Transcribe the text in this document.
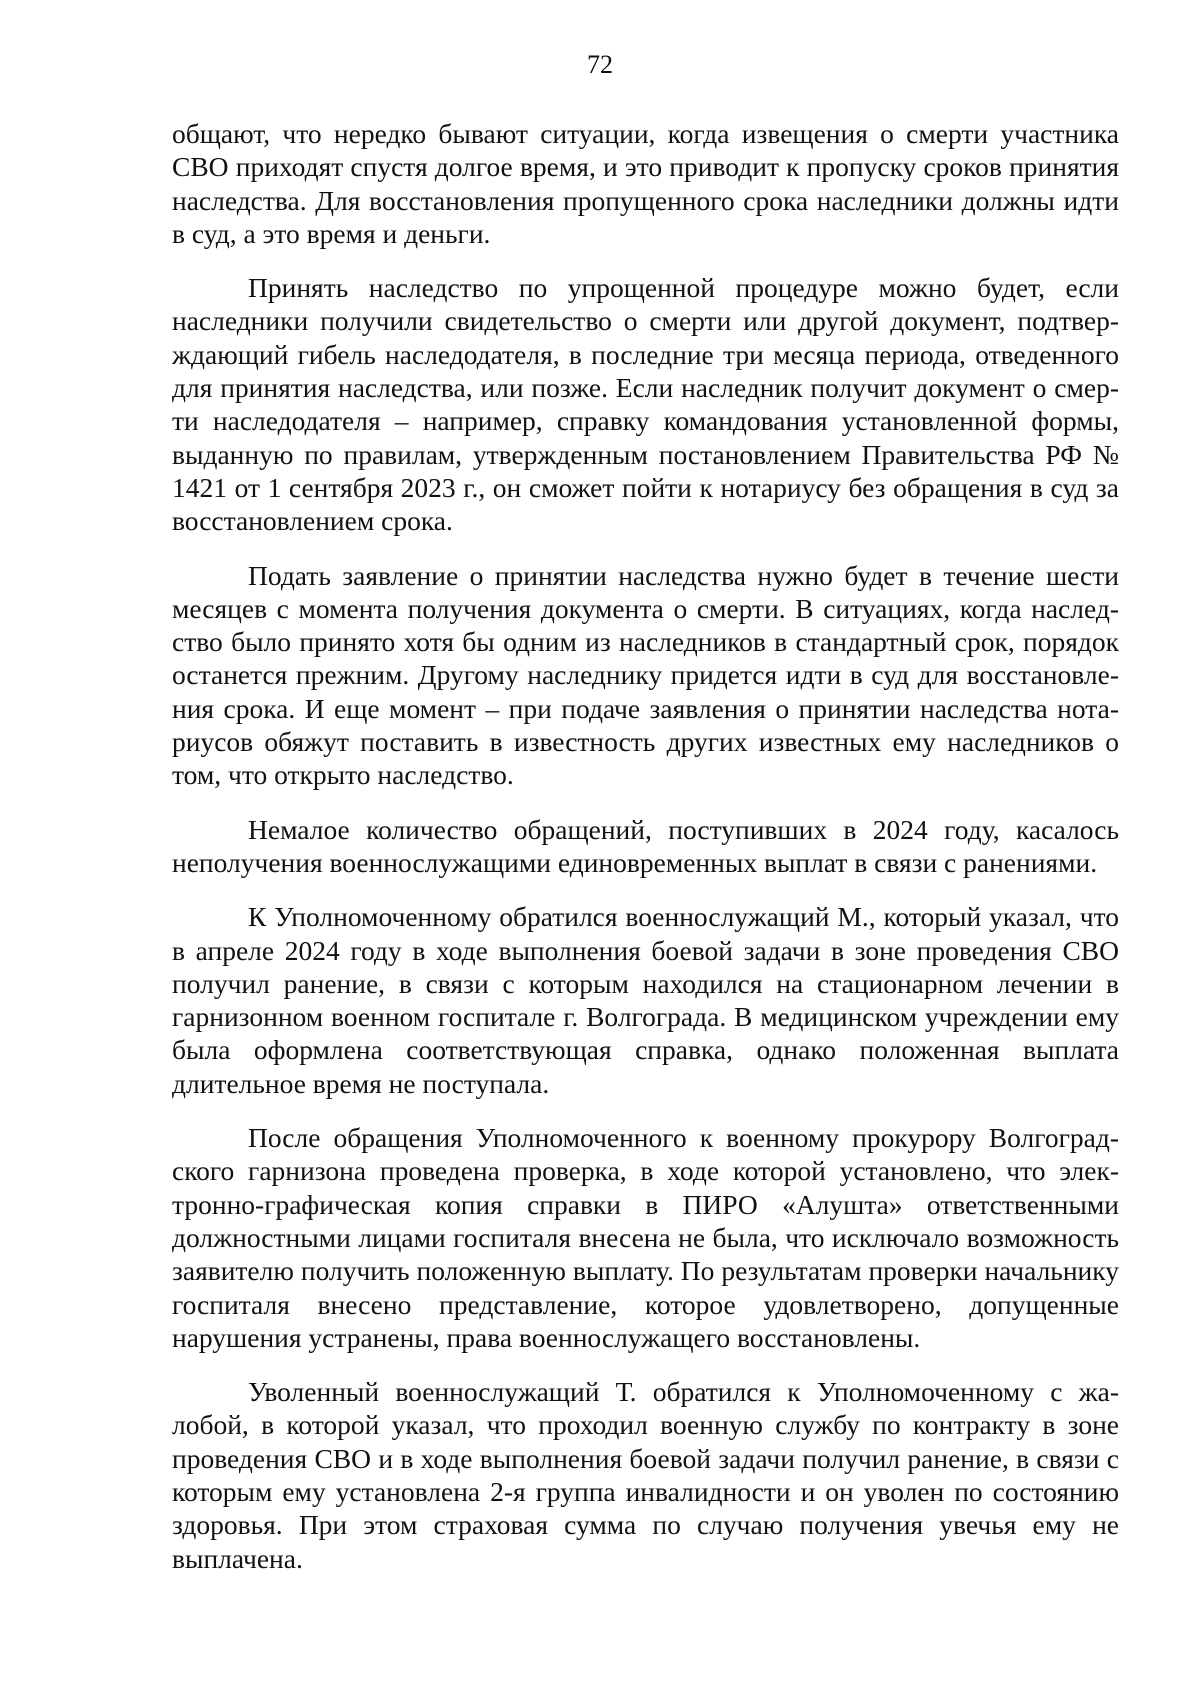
72

общают, что нередко бывают ситуации, когда извещения о смерти участника СВО приходят спустя долгое время, и это приводит к пропуску сроков принятия наследства. Для восстановления пропущенного срока наследники должны идти в суд, а это время и деньги.

Принять наследство по упрощенной процедуре можно будет, если наследники получили свидетельство о смерти или другой документ, подтверждающий гибель наследодателя, в последние три месяца периода, отведенного для принятия наследства, или позже. Если наследник получит документ о смерти наследодателя – например, справку командования установленной формы, выданную по правилам, утвержденным постановлением Правительства РФ № 1421 от 1 сентября 2023 г., он сможет пойти к нотариусу без обращения в суд за восстановлением срока.

Подать заявление о принятии наследства нужно будет в течение шести месяцев с момента получения документа о смерти. В ситуациях, когда наследство было принято хотя бы одним из наследников в стандартный срок, порядок останется прежним. Другому наследнику придется идти в суд для восстановления срока. И еще момент – при подаче заявления о принятии наследства нотариусов обяжут поставить в известность других известных ему наследников о том, что открыто наследство.

Немалое количество обращений, поступивших в 2024 году, касалось неполучения военнослужащими единовременных выплат в связи с ранениями.

К Уполномоченному обратился военнослужащий М., который указал, что в апреле 2024 году в ходе выполнения боевой задачи в зоне проведения СВО получил ранение, в связи с которым находился на стационарном лечении в гарнизонном военном госпитале г. Волгограда. В медицинском учреждении ему была оформлена соответствующая справка, однако положенная выплата длительное время не поступала.

После обращения Уполномоченного к военному прокурору Волгоградского гарнизона проведена проверка, в ходе которой установлено, что электронно-графическая копия справки в ПИРО «Алушта» ответственными должностными лицами госпиталя внесена не была, что исключало возможность заявителю получить положенную выплату. По результатам проверки начальнику госпиталя внесено представление, которое удовлетворено, допущенные нарушения устранены, права военнослужащего восстановлены.

Уволенный военнослужащий Т. обратился к Уполномоченному с жалобой, в которой указал, что проходил военную службу по контракту в зоне проведения СВО и в ходе выполнения боевой задачи получил ранение, в связи с которым ему установлена 2-я группа инвалидности и он уволен по состоянию здоровья. При этом страховая сумма по случаю получения увечья ему не выплачена.
